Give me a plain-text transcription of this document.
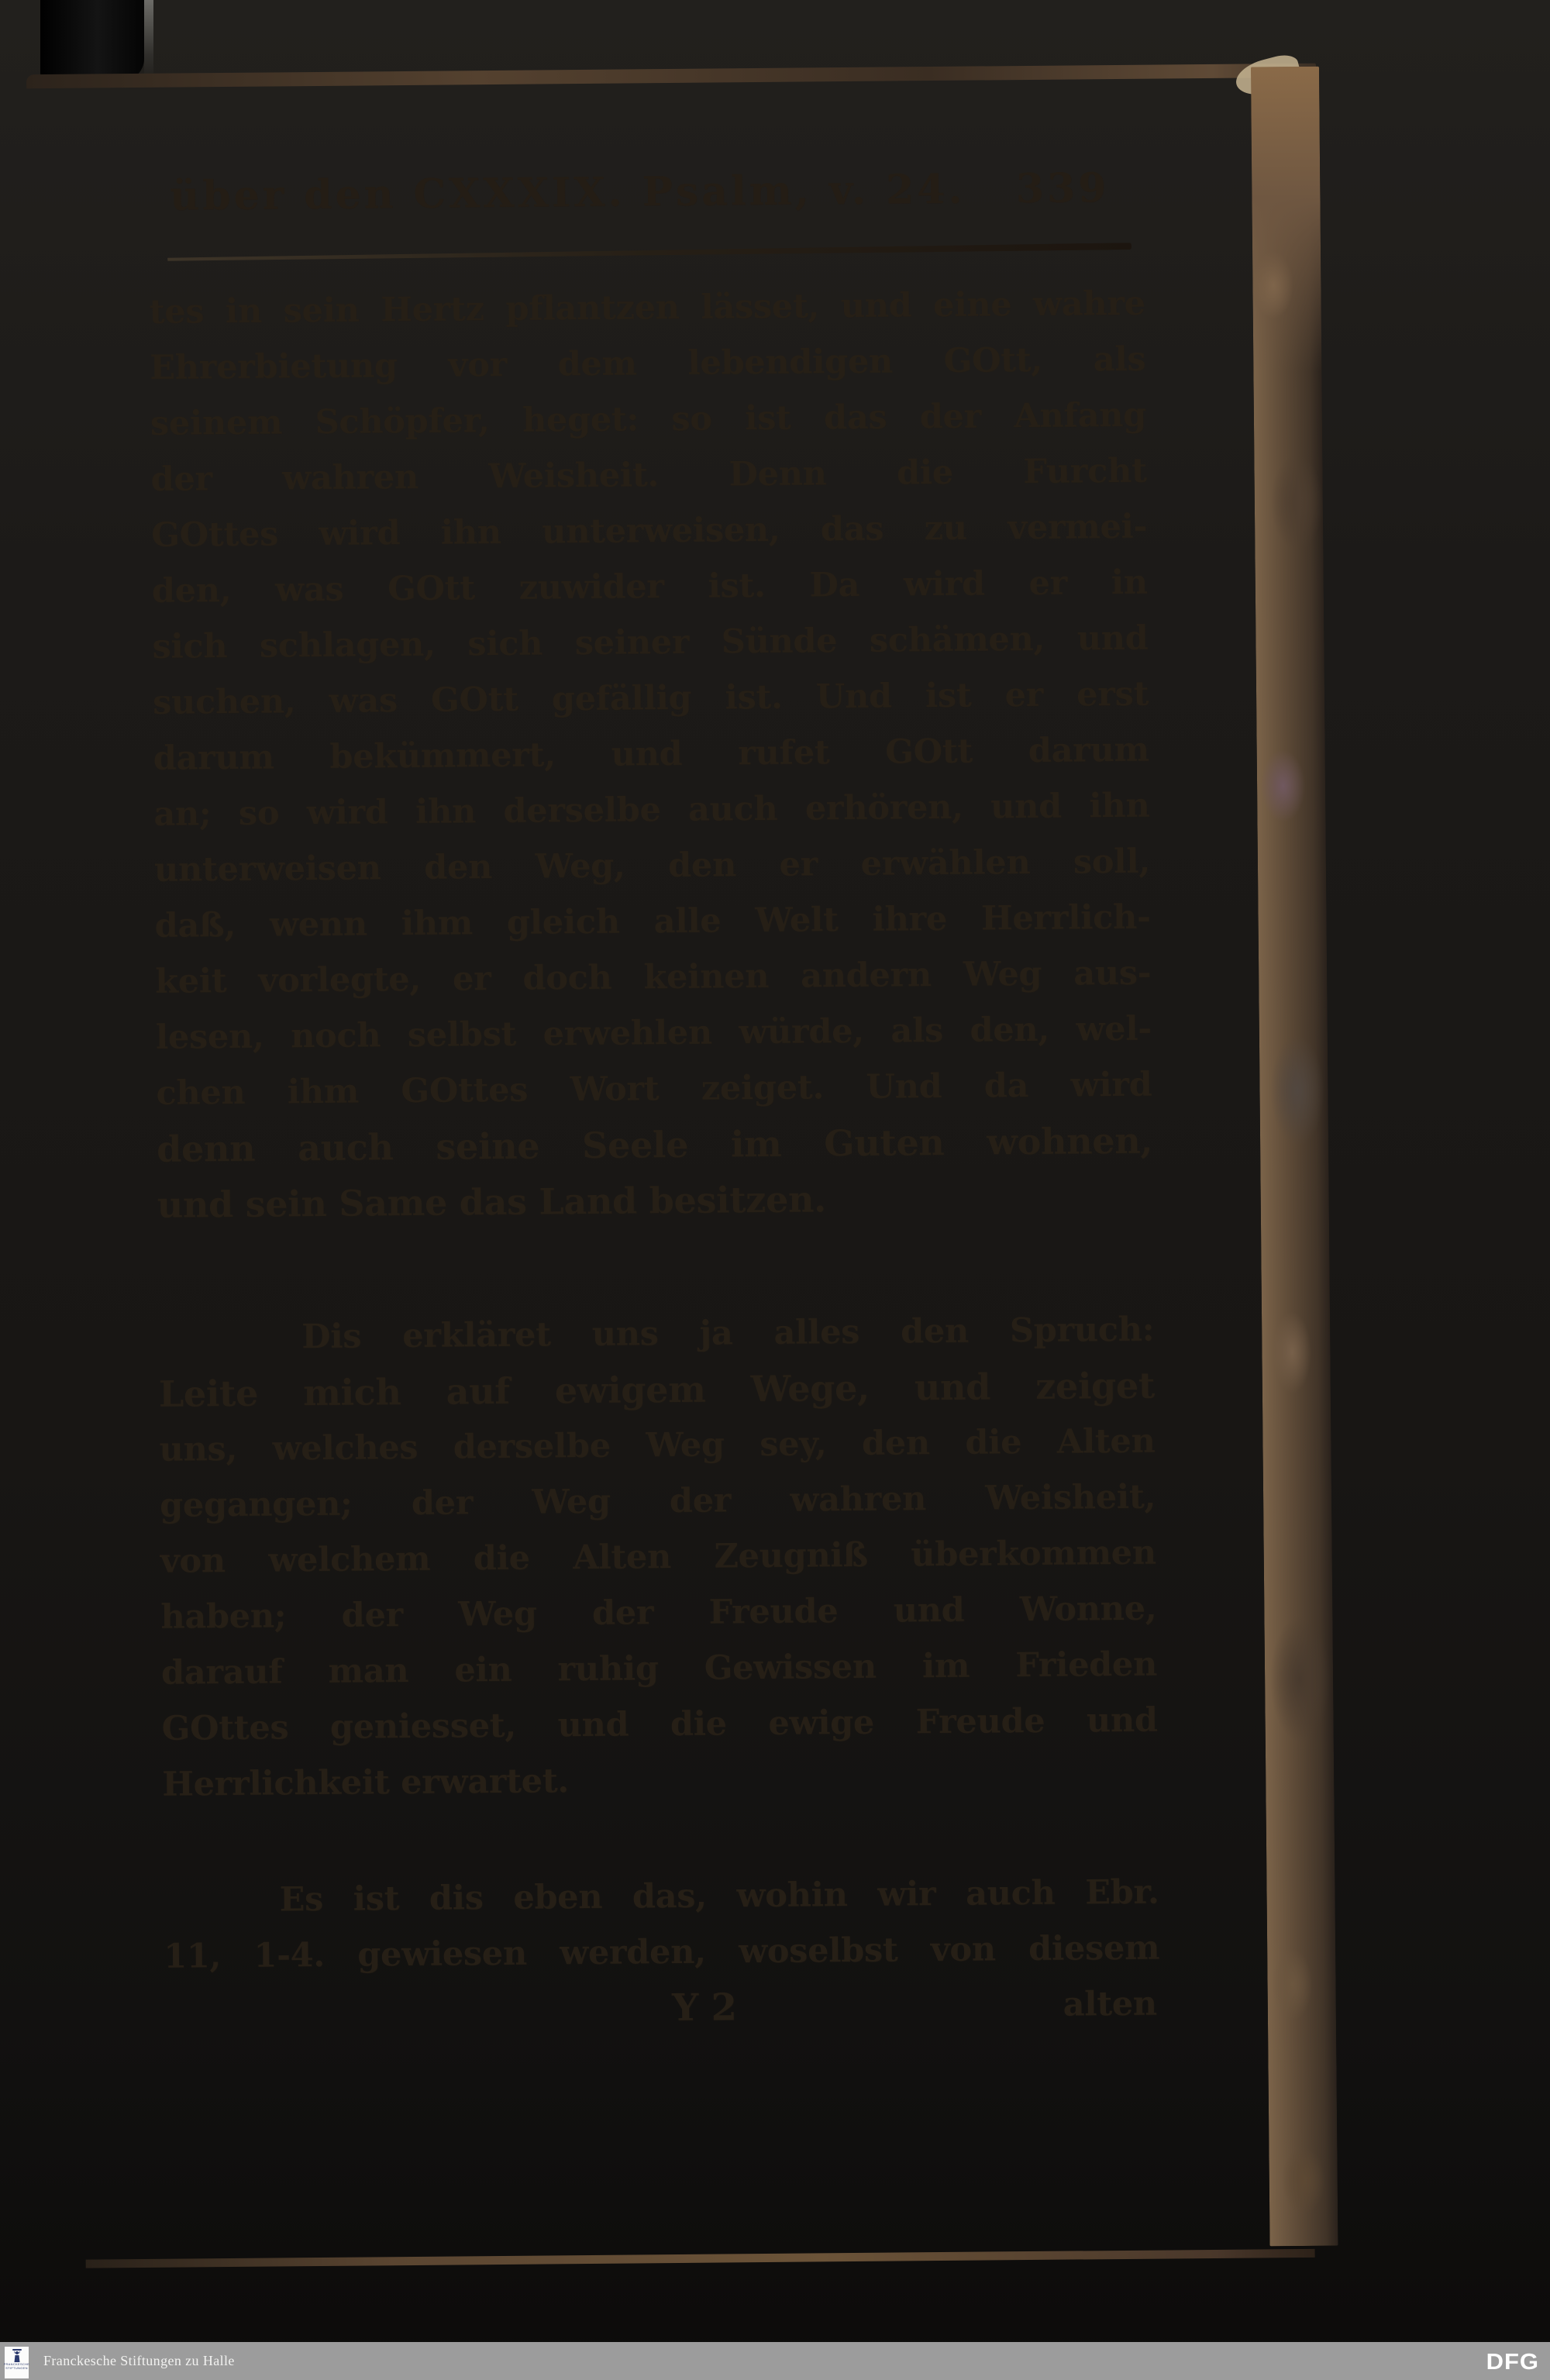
über den CXXXIX. Psalm, v. 24. 339
tes in sein Hertz pflantzen lässet, und eine wahre
Ehrerbietung vor dem lebendigen GOtt, als
seinem Schöpfer, heget: so ist das der Anfang
der wahren Weisheit. Denn die Furcht
GOttes wird ihn unterweisen, das zu vermei-
den, was GOtt zuwider ist. Da wird er in
sich schlagen, sich seiner Sünde schämen, und
suchen, was GOtt gefällig ist. Und ist er erst
darum bekümmert, und rufet GOtt darum
an; so wird ihn derselbe auch erhören, und ihn
unterweisen den Weg, den er erwählen soll,
daß, wenn ihm gleich alle Welt ihre Herrlich-
keit vorlegte, er doch keinen andern Weg aus-
lesen, noch selbst erwehlen würde, als den, wel-
chen ihm GOttes Wort zeiget. Und da wird
denn auch seine Seele im Guten wohnen,
und sein Same das Land besitzen.
Dis erkläret uns ja alles den Spruch:
Leite mich auf ewigem Wege, und zeiget
uns, welches derselbe Weg sey, den die Alten
gegangen; der Weg der wahren Weisheit,
von welchem die Alten Zeugniß überkommen
haben; der Weg der Freude und Wonne,
darauf man ein ruhig Gewissen im Frieden
GOttes geniesset, und die ewige Freude und
Herrlichkeit erwartet.
Es ist dis eben das, wohin wir auch Ebr.
11, 1-4. gewiesen werden, woselbst von diesem
Y 2	alten
FRANCKESCHE
STIFTUNGEN Franckesche Stiftungen zu Halle	DFG
